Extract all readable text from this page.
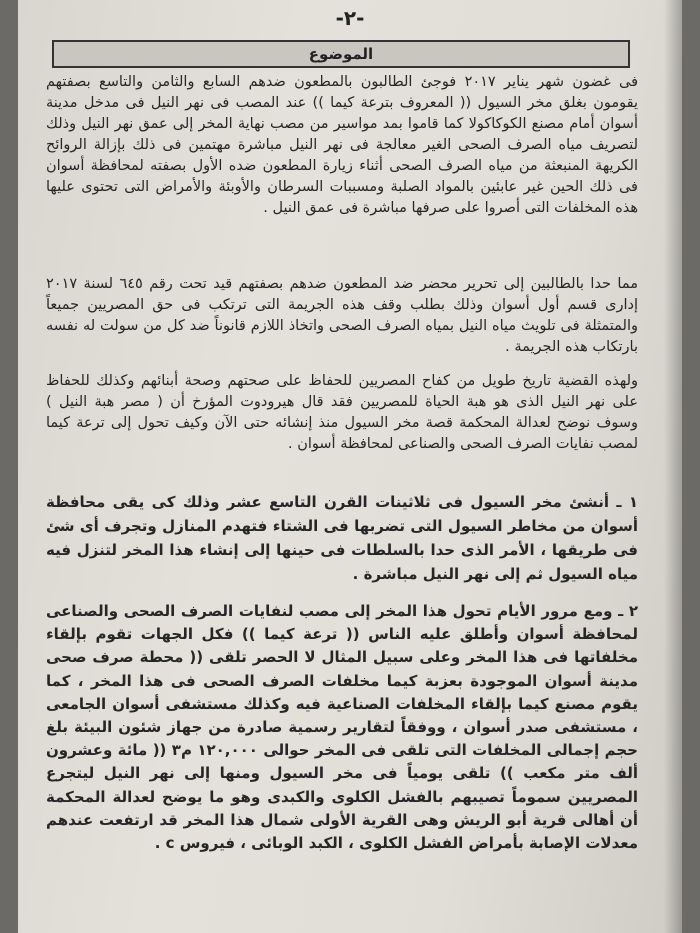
-٢-
الموضوع
فى غضون شهر يناير ٢٠١٧ فوجئ الطالبون بالمطعون ضدهم السابع والثامن والتاسع بصفتهم يقومون بغلق مخر السيول (( المعروف بترعة كيما )) عند المصب فى نهر النيل فى مدخل مدينة أسوان أمام مصنع الكوكاكولا كما قاموا بمد مواسير من مصب نهاية المخر إلى عمق نهر النيل وذلك لتصريف مياه الصرف الصحى الغير معالجة فى نهر النيل مباشرة مهتمين فى ذلك بإزالة الروائح الكريهة المنبعثة من مياه الصرف الصحى أثناء زيارة المطعون ضده الأول بصفته لمحافظة أسوان فى ذلك الحين غير عابئين بالمواد الصلبة ومسببات السرطان والأوبئة والأمراض التى تحتوى عليها هذه المخلفات التى أصروا على صرفها مباشرة فى عمق النيل .
مما حدا بالطالبين إلى تحرير محضر ضد المطعون ضدهم بصفتهم قيد تحت رقم ٦٤٥ لسنة ٢٠١٧ إدارى قسم أول أسوان وذلك بطلب وقف هذه الجريمة التى ترتكب فى حق المصريين جميعاً والمتمثلة فى تلويث مياه النيل بمياه الصرف الصحى واتخاذ اللازم قانوناً ضد كل من سولت له نفسه بارتكاب هذه الجريمة .
ولهذه القضية تاريخ طويل من كفاح المصريين للحفاظ على صحتهم وصحة أبنائهم وكذلك للحفاظ على نهر النيل الذى هو هبة الحياة للمصريين فقد قال هيرودوت المؤرخ أن ( مصر هبة النيل ) وسوف نوضح لعدالة المحكمة قصة مخر السيول منذ إنشائه حتى الآن وكيف تحول إلى ترعة كيما لمصب نفايات الصرف الصحى والصناعى لمحافظة أسوان .
١ ـ أنشئ مخر السيول فى ثلاثينات القرن التاسع عشر وذلك كى يقى محافظة أسوان من مخاطر السيول التى تضربها فى الشتاء فتهدم المنازل وتجرف أى شئ فى طريقها ، الأمر الذى حدا بالسلطات فى حينها إلى إنشاء هذا المخر لتنزل فيه مياه السيول ثم إلى نهر النيل مباشرة .
٢ ـ ومع مرور الأيام تحول هذا المخر إلى مصب لنفايات الصرف الصحى والصناعى لمحافظة أسوان وأطلق عليه الناس (( ترعة كيما )) فكل الجهات تقوم بإلقاء مخلفاتها فى هذا المخر وعلى سبيل المثال لا الحصر تلقى (( محطة صرف صحى مدينة أسوان الموجودة بعزبة كيما مخلفات الصرف الصحى فى هذا المخر ، كما يقوم مصنع كيما بإلقاء المخلفات الصناعية فيه وكذلك مستشفى أسوان الجامعى ، مستشفى صدر أسوان ، ووفقاً لتقارير رسمية صادرة من جهاز شئون البيئة بلغ حجم إجمالى المخلفات التى تلقى فى المخر حوالى ١٢٠,٠٠٠ م٣ (( مائة وعشرون ألف متر مكعب )) تلقى يومياً فى مخر السيول ومنها إلى نهر النيل ليتجرع المصريين سموماً تصيبهم بالفشل الكلوى والكبدى وهو ما يوضح لعدالة المحكمة أن أهالى قرية أبو الريش وهى القرية الأولى شمال هذا المخر قد ارتفعت عندهم معدلات الإصابة بأمراض الفشل الكلوى ، الكبد الوبائى ، فيروس c .
